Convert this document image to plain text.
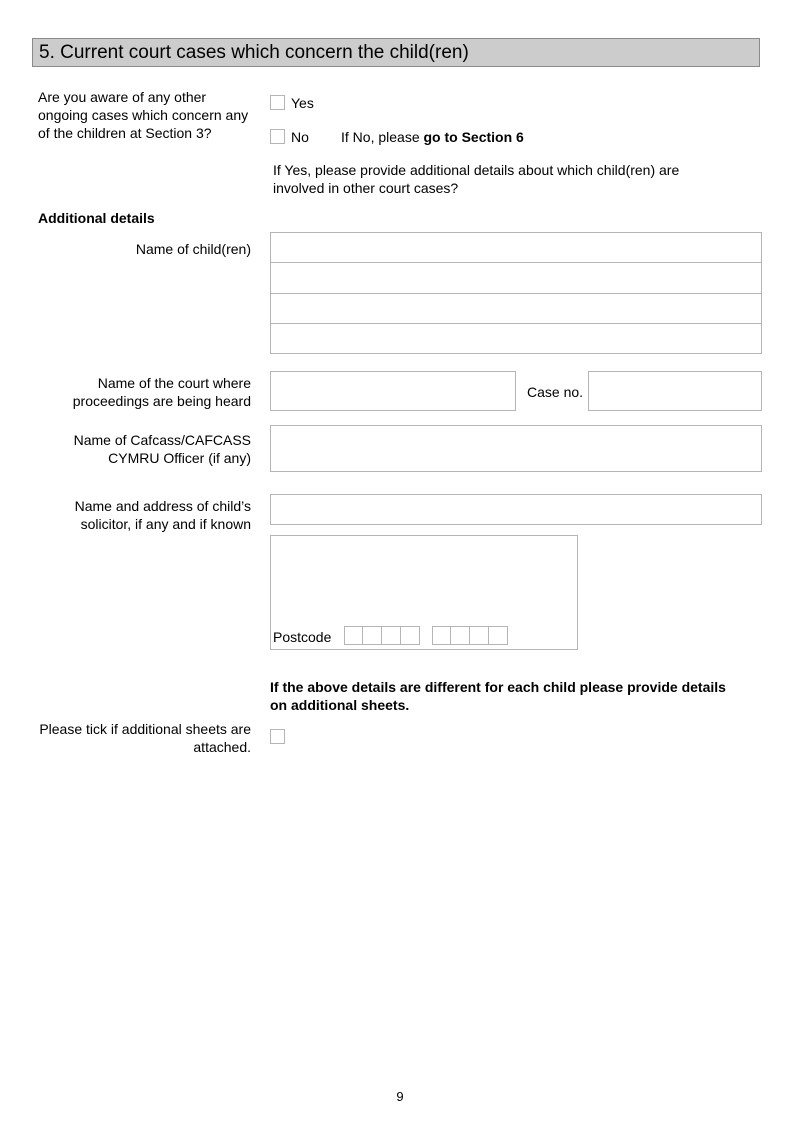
5. Current court cases which concern the child(ren)
Are you aware of any other ongoing cases which concern any of the children at Section 3?
Yes
No If No, please go to Section 6
If Yes, please provide additional details about which child(ren) are involved in other court cases?
Additional details
Name of child(ren)
Name of the court where proceedings are being heard
Case no.
Name of Cafcass/CAFCASS CYMRU Officer (if any)
Name and address of child’s solicitor, if any and if known
Postcode
If the above details are different for each child please provide details on additional sheets.
Please tick if additional sheets are attached.
9
